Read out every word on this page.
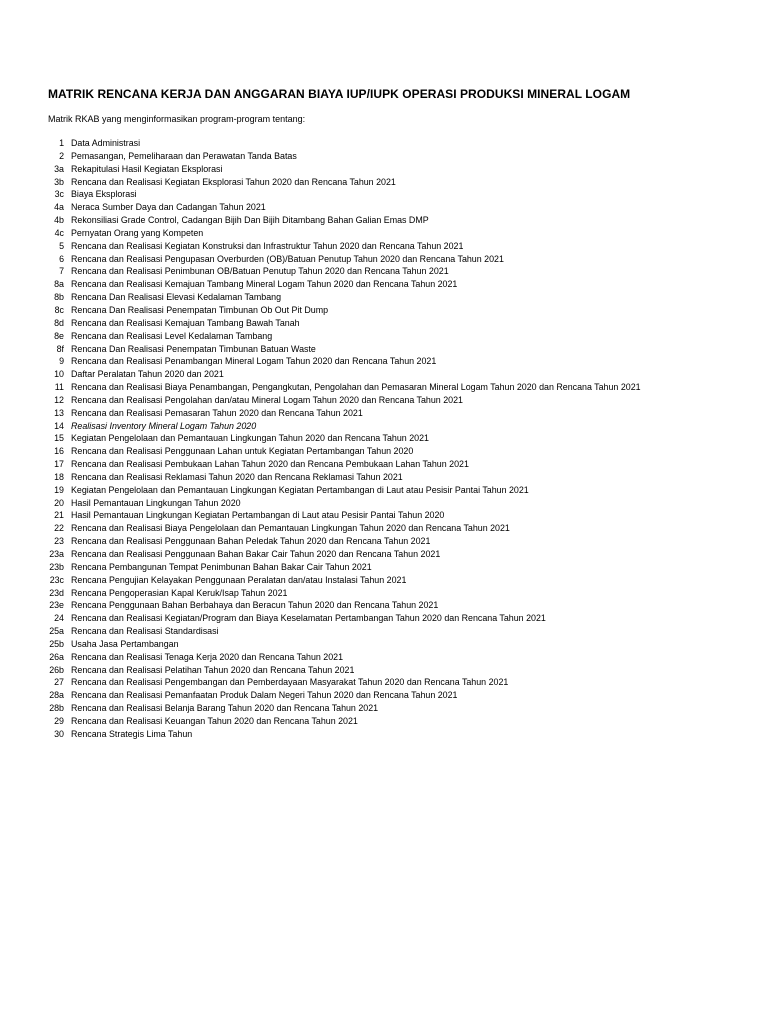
MATRIK RENCANA KERJA DAN ANGGARAN BIAYA IUP/IUPK OPERASI PRODUKSI MINERAL LOGAM
Matrik RKAB yang menginformasikan program-program tentang:
1 Data Administrasi
2 Pemasangan, Pemeliharaan dan Perawatan Tanda Batas
3a Rekapitulasi Hasil Kegiatan Eksplorasi
3b Rencana dan Realisasi Kegiatan Eksplorasi Tahun 2020 dan Rencana Tahun 2021
3c Biaya Eksplorasi
4a Neraca Sumber Daya dan Cadangan Tahun 2021
4b Rekonsiliasi Grade Control, Cadangan Bijih Dan Bijih Ditambang Bahan Galian Emas DMP
4c Pernyatan Orang yang Kompeten
5 Rencana dan Realisasi Kegiatan Konstruksi dan Infrastruktur Tahun 2020 dan Rencana Tahun 2021
6 Rencana dan Realisasi Pengupasan Overburden (OB)/Batuan Penutup Tahun 2020 dan Rencana Tahun 2021
7 Rencana dan Realisasi Penimbunan OB/Batuan Penutup Tahun 2020 dan Rencana Tahun 2021
8a Rencana dan Realisasi Kemajuan Tambang Mineral Logam Tahun 2020 dan Rencana Tahun 2021
8b Rencana Dan Realisasi Elevasi Kedalaman Tambang
8c Rencana Dan Realisasi Penempatan Timbunan Ob Out Pit Dump
8d Rencana dan Realisasi Kemajuan Tambang Bawah Tanah
8e Rencana dan Realisasi Level Kedalaman Tambang
8f Rencana Dan Realisasi Penempatan Timbunan Batuan Waste
9 Rencana dan Realisasi Penambangan Mineral Logam Tahun 2020 dan Rencana Tahun 2021
10 Daftar Peralatan Tahun 2020 dan 2021
11 Rencana dan Realisasi Biaya Penambangan, Pengangkutan, Pengolahan dan Pemasaran Mineral Logam Tahun 2020 dan Rencana Tahun 2021
12 Rencana dan Realisasi Pengolahan dan/atau Mineral Logam Tahun 2020 dan Rencana Tahun 2021
13 Rencana dan Realisasi Pemasaran Tahun 2020 dan Rencana Tahun 2021
14 Realisasi Inventory Mineral Logam Tahun 2020
15 Kegiatan Pengelolaan dan Pemantauan Lingkungan Tahun 2020 dan Rencana Tahun 2021
16 Rencana dan Realisasi Penggunaan Lahan untuk Kegiatan Pertambangan Tahun 2020
17 Rencana dan Realisasi Pembukaan Lahan Tahun 2020 dan Rencana Pembukaan Lahan Tahun 2021
18 Rencana dan Realisasi Reklamasi Tahun 2020 dan Rencana Reklamasi Tahun 2021
19 Kegiatan Pengelolaan dan Pemantauan Lingkungan Kegiatan Pertambangan di Laut atau Pesisir Pantai Tahun 2021
20 Hasil Pemantauan Lingkungan Tahun 2020
21 Hasil Pemantauan Lingkungan Kegiatan Pertambangan di Laut atau Pesisir Pantai Tahun 2020
22 Rencana dan Realisasi Biaya Pengelolaan dan Pemantauan Lingkungan Tahun 2020 dan Rencana Tahun 2021
23 Rencana dan Realisasi Penggunaan Bahan Peledak Tahun 2020 dan Rencana Tahun 2021
23a Rencana dan Realisasi Penggunaan Bahan Bakar Cair Tahun 2020 dan Rencana Tahun 2021
23b Rencana Pembangunan Tempat Penimbunan Bahan Bakar Cair Tahun 2021
23c Rencana Pengujian Kelayakan Penggunaan Peralatan dan/atau Instalasi Tahun 2021
23d Rencana Pengoperasian Kapal Keruk/Isap Tahun 2021
23e Rencana Penggunaan Bahan Berbahaya dan Beracun Tahun 2020 dan Rencana Tahun 2021
24 Rencana dan Realisasi Kegiatan/Program dan Biaya Keselamatan Pertambangan Tahun 2020 dan Rencana Tahun 2021
25a Rencana dan Realisasi Standardisasi
25b Usaha Jasa Pertambangan
26a Rencana dan Realisasi Tenaga Kerja 2020 dan Rencana Tahun 2021
26b Rencana dan Realisasi Pelatihan Tahun 2020 dan Rencana Tahun 2021
27 Rencana dan Realisasi Pengembangan dan Pemberdayaan Masyarakat Tahun 2020 dan Rencana Tahun 2021
28a Rencana dan Realisasi Pemanfaatan Produk Dalam Negeri Tahun 2020 dan Rencana Tahun 2021
28b Rencana dan Realisasi Belanja Barang Tahun 2020 dan Rencana Tahun 2021
29 Rencana dan Realisasi Keuangan Tahun 2020 dan Rencana Tahun 2021
30 Rencana Strategis Lima Tahun
